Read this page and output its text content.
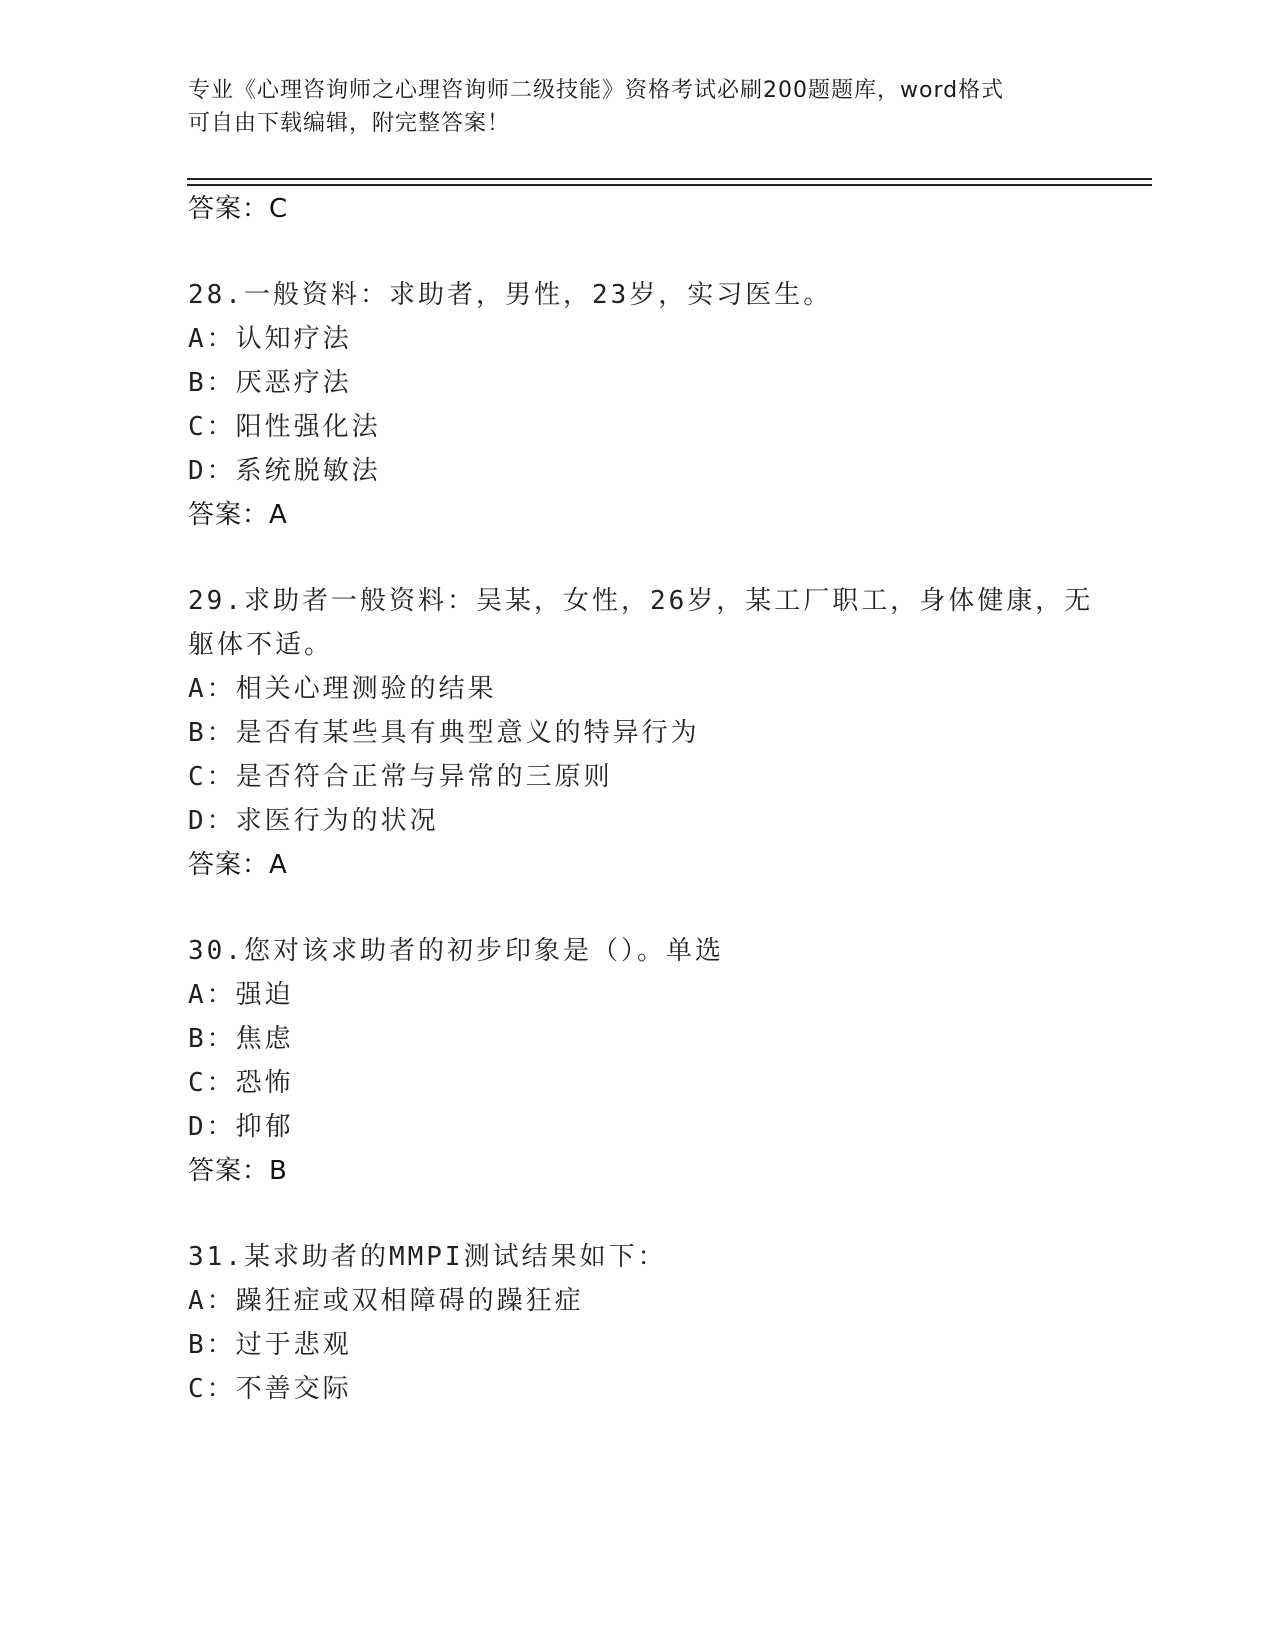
专业《心理咨询师之心理咨询师二级技能》资格考试必刷200题题库，word格式
可自由下载编辑，附完整答案！
答案：C
28.一般资料：求助者，男性，23岁，实习医生。
A：认知疗法
B：厌恶疗法
C：阳性强化法
D：系统脱敏法
答案：A
29.求助者一般资料：吴某，女性，26岁，某工厂职工，身体健康，无
躯体不适。
A：相关心理测验的结果
B：是否有某些具有典型意义的特异行为
C：是否符合正常与异常的三原则
D：求医行为的状况
答案：A
30.您对该求助者的初步印象是（）。单选
A：强迫
B：焦虑
C：恐怖
D：抑郁
答案：B
31.某求助者的MMPI测试结果如下：
A：躁狂症或双相障碍的躁狂症
B：过于悲观
C：不善交际
